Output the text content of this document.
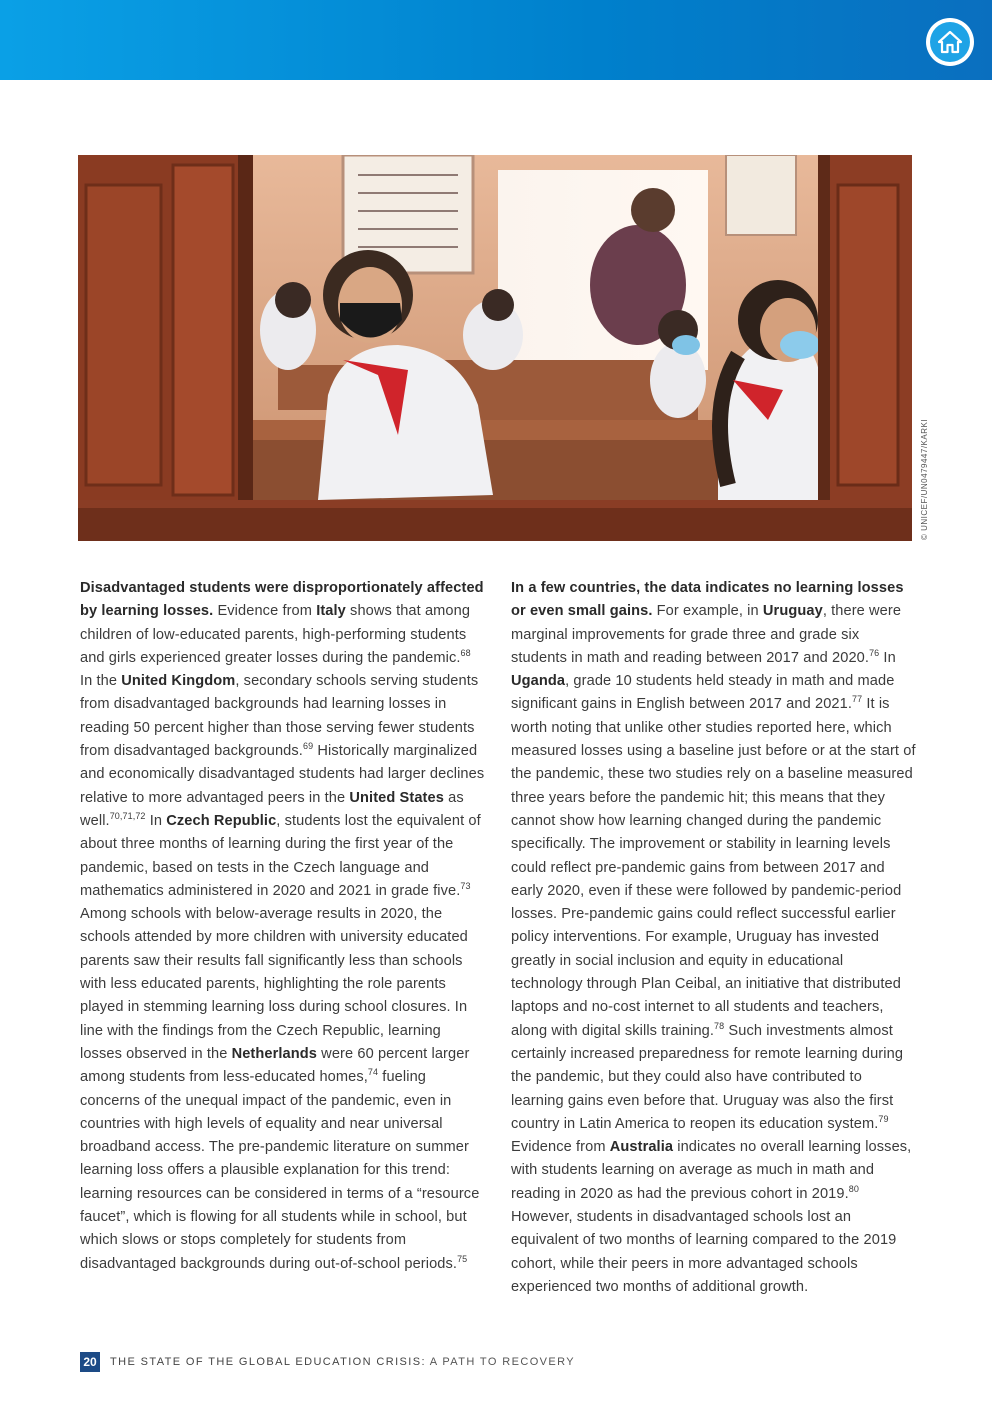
© UNICEF/UN0479447/KARKI
Disadvantaged students were disproportionately affected by learning losses. Evidence from Italy shows that among children of low-educated parents, high-performing students and girls experienced greater losses during the pandemic.$^{68}$ In the United Kingdom, secondary schools serving students from disadvantaged backgrounds had learning losses in reading 50 percent higher than those serving fewer students from disadvantaged backgrounds.$^{69}$ Historically marginalized and economically disadvantaged students had larger declines relative to more advantaged peers in the United States as well.$^{70,71,72}$ In Czech Republic, students lost the equivalent of about three months of learning during the first year of the pandemic, based on tests in the Czech language and mathematics administered in 2020 and 2021 in grade five.$^{73}$ Among schools with below-average results in 2020, the schools attended by more children with university educated parents saw their results fall significantly less than schools with less educated parents, highlighting the role parents played in stemming learning loss during school closures. In line with the findings from the Czech Republic, learning losses observed in the Netherlands were 60 percent larger among students from less-educated homes,$^{74}$ fueling concerns of the unequal impact of the pandemic, even in countries with high levels of equality and near universal broadband access. The pre-pandemic literature on summer learning loss offers a plausible explanation for this trend: learning resources can be considered in terms of a “resource faucet”, which is flowing for all students while in school, but which slows or stops completely for students from disadvantaged backgrounds during out-of-school periods.$^{75}$
In a few countries, the data indicates no learning losses or even small gains. For example, in Uruguay, there were marginal improvements for grade three and grade six students in math and reading between 2017 and 2020.76 In Uganda, grade 10 students held steady in math and made significant gains in English between 2017 and 2021.77 It is worth noting that unlike other studies reported here, which measured losses using a baseline just before or at the start of the pandemic, these two studies rely on a baseline measured three years before the pandemic hit; this means that they cannot show how learning changed during the pandemic specifically. The improvement or stability in learning levels could reflect pre-pandemic gains from between 2017 and early 2020, even if these were followed by pandemic-period losses. Pre-pandemic gains could reflect successful earlier policy interventions. For example, Uruguay has invested greatly in social inclusion and equity in educational technology through Plan Ceibal, an initiative that distributed laptops and no-cost internet to all students and teachers, along with digital skills training.$^{78}$ Such investments almost certainly increased preparedness for remote learning during the pandemic, but they could also have contributed to learning gains even before that. Uruguay was also the first country in Latin America to reopen its education system.$^{79}$ Evidence from Australia indicates no overall learning losses, with students learning on average as much in math and reading in 2020 as had the previous cohort in 2019.80 However, students in disadvantaged schools lost an equivalent of two months of learning compared to the 2019 cohort, while their peers in more advantaged schools experienced two months of additional growth.
20	THE STATE OF THE GLOBAL EDUCATION CRISIS: A PATH TO RECOVERY
